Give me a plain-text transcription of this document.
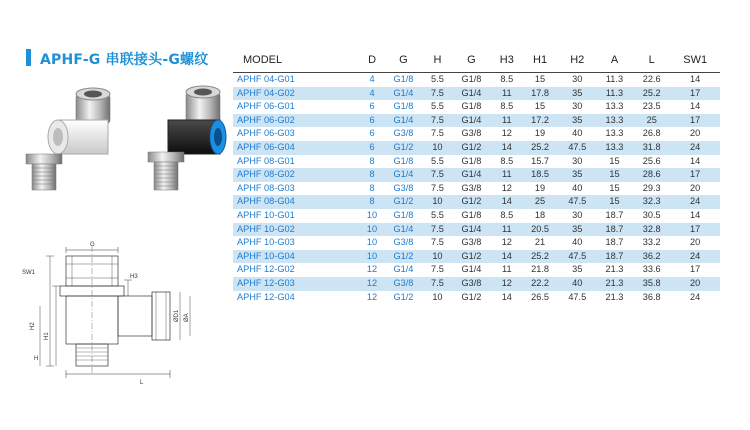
APHF-G 串联接头-G螺纹
G
SW1
H3
H2
H1
H
L
ØD1 ØA
MODEL	D	G	H	G	H3	H1	H2	A	L	SW1
APHF 04-G01	4	G1/8	5.5	G1/8	8.5	15	30	11.3	22.6	14
APHF 04-G02	4	G1/4	7.5	G1/4	11	17.8	35	11.3	25.2	17
APHF 06-G01	6	G1/8	5.5	G1/8	8.5	15	30	13.3	23.5	14
APHF 06-G02	6	G1/4	7.5	G1/4	11	17.2	35	13.3	25	17
APHF 06-G03	6	G3/8	7.5	G3/8	12	19	40	13.3	26.8	20
APHF 06-G04	6	G1/2	10	G1/2	14	25.2	47.5	13.3	31.8	24
APHF 08-G01	8	G1/8	5.5	G1/8	8.5	15.7	30	15	25.6	14
APHF 08-G02	8	G1/4	7.5	G1/4	11	18.5	35	15	28.6	17
APHF 08-G03	8	G3/8	7.5	G3/8	12	19	40	15	29.3	20
APHF 08-G04	8	G1/2	10	G1/2	14	25	47.5	15	32.3	24
APHF 10-G01	10	G1/8	5.5	G1/8	8.5	18	30	18.7	30.5	14
APHF 10-G02	10	G1/4	7.5	G1/4	11	20.5	35	18.7	32.8	17
APHF 10-G03	10	G3/8	7.5	G3/8	12	21	40	18.7	33.2	20
APHF 10-G04	10	G1/2	10	G1/2	14	25.2	47.5	18.7	36.2	24
APHF 12-G02	12	G1/4	7.5	G1/4	11	21.8	35	21.3	33.6	17
APHF 12-G03	12	G3/8	7.5	G3/8	12	22.2	40	21.3	35.8	20
APHF 12-G04	12	G1/2	10	G1/2	14	26.5	47.5	21.3	36.8	24
